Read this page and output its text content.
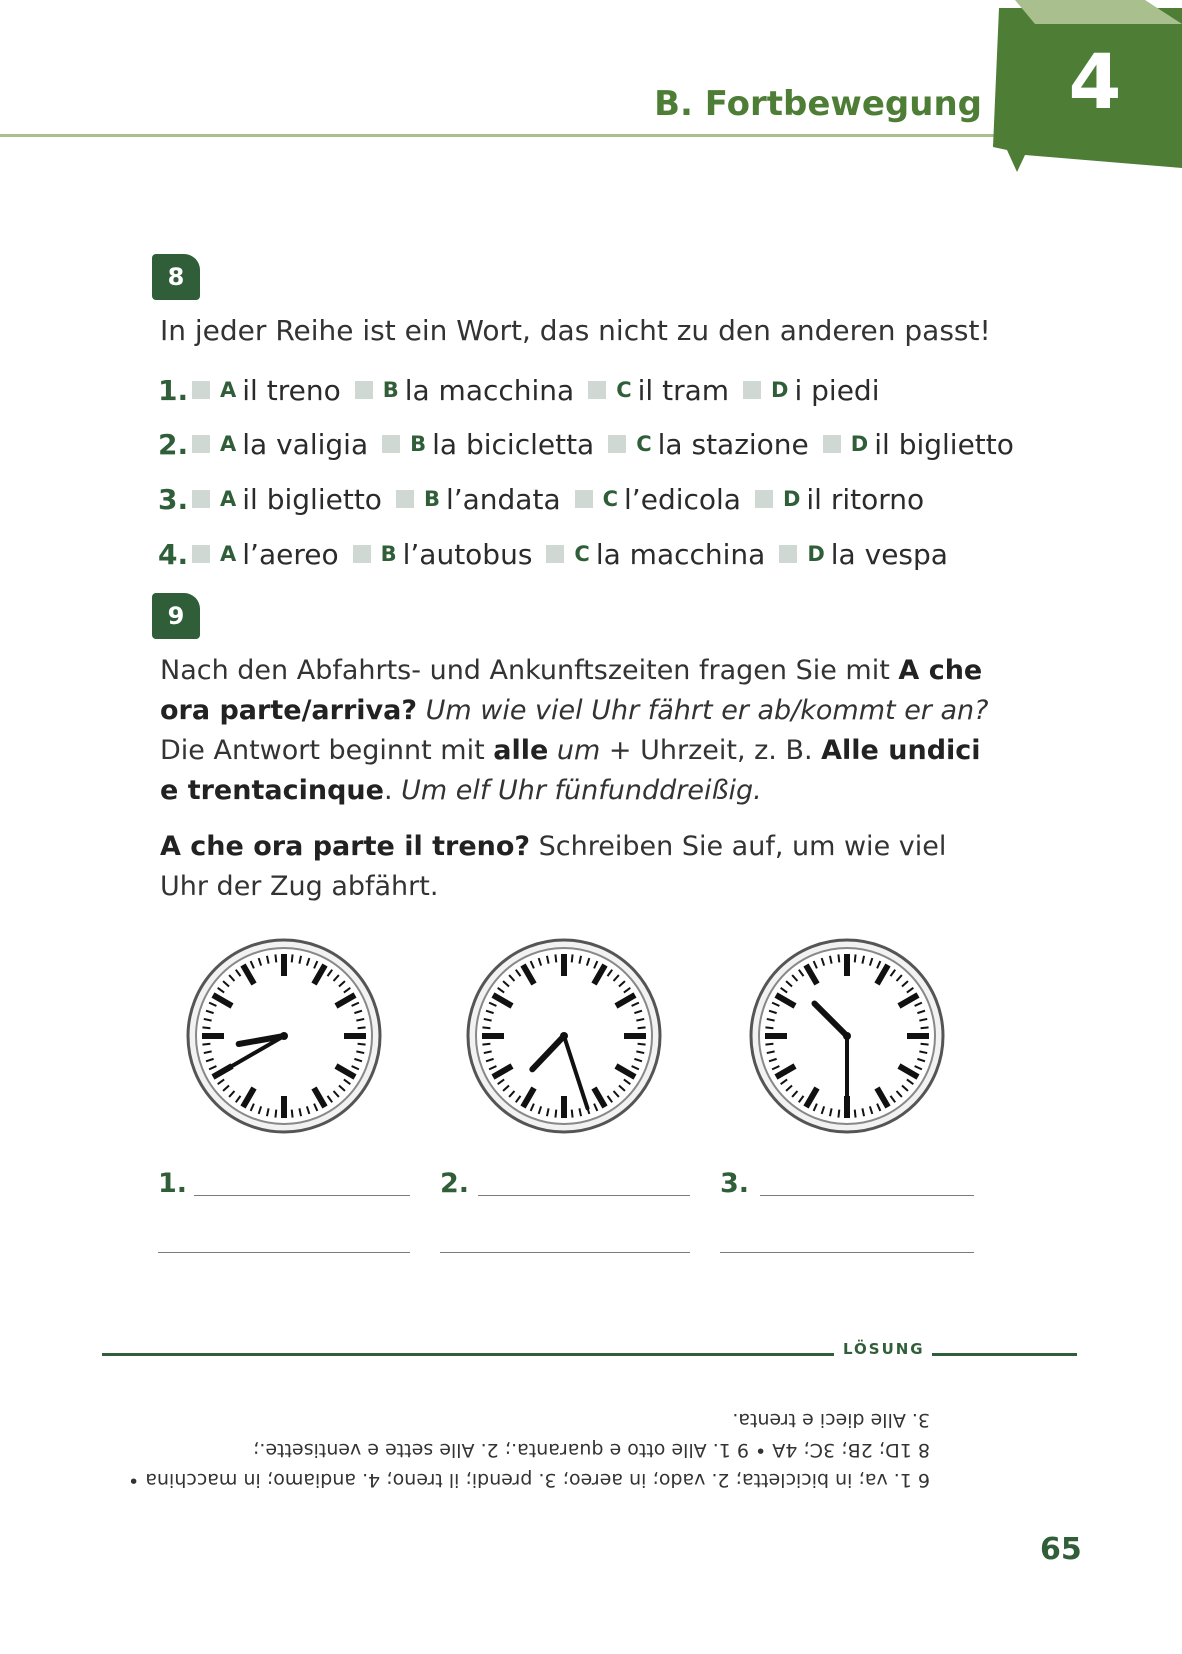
B. Fortbewegung 4
8
In jeder Reihe ist ein Wort, das nicht zu den anderen passt!
1. A il treno B la macchina C il tram D i piedi
2. A la valigia B la bicicletta C la stazione D il biglietto
3. A il biglietto B l’andata C l’edicola D il ritorno
4. A l’aereo B l’autobus C la macchina D la vespa
9
Nach den Abfahrts- und Ankunftszeiten fragen Sie mit A che ora parte/arriva? Um wie viel Uhr fährt er ab/kommt er an? Die Antwort beginnt mit alle um + Uhrzeit, z. B. Alle undici e trentacinque. Um elf Uhr fünfunddreißig.
A che ora parte il treno? Schreiben Sie auf, um wie viel Uhr der Zug abfährt.
1.	2.	3.
LÖSUNG
6 1. va; in bicicletta; 2. vado; in aereo; 3. prendi; il treno; 4. andiamo; in macchina •
8 1D; 2B; 3C; 4A • 9 1. Alle otto e quaranta.; 2. Alle sette e ventisette.;
3. Alle dieci e trenta.
65
